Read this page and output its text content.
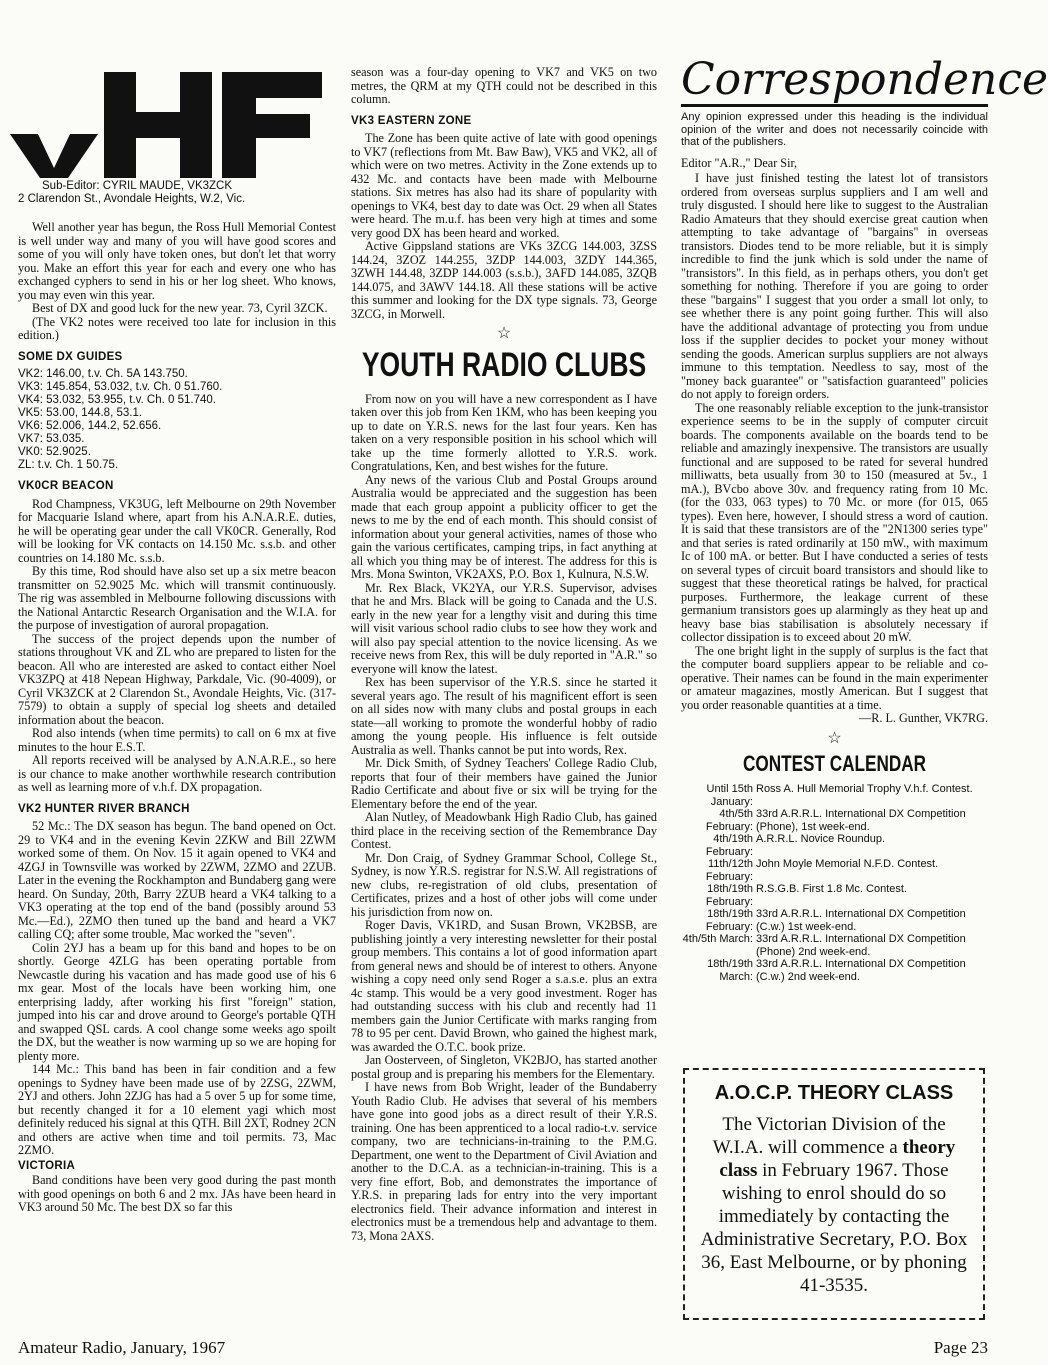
Sub-Editor: CYRIL MAUDE, VK3ZCK
2 Clarendon St., Avondale Heights, W.2, Vic.

Well another year has begun, the Ross Hull Memorial Contest is well under way and many of you will have good scores and some of you will only have token ones, but don't let that worry you. Make an effort this year for each and every one who has exchanged cyphers to send in his or her log sheet. Who knows, you may even win this year.

Best of DX and good luck for the new year. 73, Cyril 3ZCK.

(The VK2 notes were received too late for inclusion in this edition.)

SOME DX GUIDES
VK2: 146.00, t.v. Ch. 5A 143.750.
VK3: 145.854, 53.032, t.v. Ch. 0 51.760.
VK4: 53.032, 53.955, t.v. Ch. 0 51.740.
VK5: 53.00, 144.8, 53.1.
VK6: 52.006, 144.2, 52.656.
VK7: 53.035.
VK0: 52.9025.
ZL: t.v. Ch. 1 50.75.
VK0CR BEACON

Rod Champness, VK3UG, left Melbourne on 29th November for Macquarie Island where, apart from his A.N.A.R.E. duties, he will be operating gear under the call VK0CR. Generally, Rod will be looking for VK contacts on 14.150 Mc. s.s.b. and other countries on 14.180 Mc. s.s.b.

By this time, Rod should have also set up a six metre beacon transmitter on 52.9025 Mc. which will transmit continuously. The rig was assembled in Melbourne following discussions with the National Antarctic Research Organisation and the W.I.A. for the purpose of investigation of auroral propagation.

The success of the project depends upon the number of stations throughout VK and ZL who are prepared to listen for the beacon. All who are interested are asked to contact either Noel VK3ZPQ at 418 Nepean Highway, Parkdale, Vic. (90-4009), or Cyril VK3ZCK at 2 Clarendon St., Avondale Heights, Vic. (317-7579) to obtain a supply of special log sheets and detailed information about the beacon.

Rod also intends (when time permits) to call on 6 mx at five minutes to the hour E.S.T.

All reports received will be analysed by A.N.A.R.E., so here is our chance to make another worthwhile research contribution as well as learning more of v.h.f. DX propagation.

VK2 HUNTER RIVER BRANCH

52 Mc.: The DX season has begun. The band opened on Oct. 29 to VK4 and in the evening Kevin 2ZKW and Bill 2ZWM worked some of them. On Nov. 15 it again opened to VK4 and 4ZGJ in Townsville was worked by 2ZWM, 2ZMO and 2ZUB. Later in the evening the Rockhampton and Bundaberg gang were heard. On Sunday, 20th, Barry 2ZUB heard a VK4 talking to a VK3 operating at the top end of the band (possibly around 53 Mc.—Ed.), 2ZMO then tuned up the band and heard a VK7 calling CQ; after some trouble, Mac worked the "seven".

Colin 2YJ has a beam up for this band and hopes to be on shortly. George 4ZLG has been operating portable from Newcastle during his vacation and has made good use of his 6 mx gear. Most of the locals have been working him, one enterprising laddy, after working his first "foreign" station, jumped into his car and drove around to George's portable QTH and swapped QSL cards. A cool change some weeks ago spoilt the DX, but the weather is now warming up so we are hoping for plenty more.

144 Mc.: This band has been in fair condition and a few openings to Sydney have been made use of by 2ZSG, 2ZWM, 2YJ and others. John 2ZJG has had a 5 over 5 up for some time, but recently changed it for a 10 element yagi which most definitely reduced his signal at this QTH. Bill 2XT, Rodney 2CN and others are active when time and toil permits. 73, Mac 2ZMO.

VICTORIA

Band conditions have been very good during the past month with good openings on both 6 and 2 mx. JAs have been heard in VK3 around 50 Mc. The best DX so far this

season was a four-day opening to VK7 and VK5 on two metres, the QRM at my QTH could not be described in this column.

VK3 EASTERN ZONE

The Zone has been quite active of late with good openings to VK7 (reflections from Mt. Baw Baw), VK5 and VK2, all of which were on two metres. Activity in the Zone extends up to 432 Mc. and contacts have been made with Melbourne stations. Six metres has also had its share of popularity with openings to VK4, best day to date was Oct. 29 when all States were heard. The m.u.f. has been very high at times and some very good DX has been heard and worked.

Active Gippsland stations are VKs 3ZCG 144.003, 3ZSS 144.24, 3ZOZ 144.255, 3ZDP 144.003, 3ZDY 144.365, 3ZWH 144.48, 3ZDP 144.003 (s.s.b.), 3AFD 144.085, 3ZQB 144.075, and 3AWV 144.18. All these stations will be active this summer and looking for the DX type signals. 73, George 3ZCG, in Morwell.

☆
YOUTH RADIO CLUBS

From now on you will have a new correspondent as I have taken over this job from Ken 1KM, who has been keeping you up to date on Y.R.S. news for the last four years. Ken has taken on a very responsible position in his school which will take up the time formerly allotted to Y.R.S. work. Congratulations, Ken, and best wishes for the future.

Any news of the various Club and Postal Groups around Australia would be appreciated and the suggestion has been made that each group appoint a publicity officer to get the news to me by the end of each month. This should consist of information about your general activities, names of those who gain the various certificates, camping trips, in fact anything at all which you thing may be of interest. The address for this is Mrs. Mona Swinton, VK2AXS, P.O. Box 1, Kulnura, N.S.W.

Mr. Rex Black, VK2YA, our Y.R.S. Supervisor, advises that he and Mrs. Black will be going to Canada and the U.S. early in the new year for a lengthy visit and during this time will visit various school radio clubs to see how they work and will also pay special attention to the novice licensing. As we receive news from Rex, this will be duly reported in "A.R." so everyone will know the latest.

Rex has been supervisor of the Y.R.S. since he started it several years ago. The result of his magnificent effort is seen on all sides now with many clubs and postal groups in each state—all working to promote the wonderful hobby of radio among the young people. His influence is felt outside Australia as well. Thanks cannot be put into words, Rex.

Mr. Dick Smith, of Sydney Teachers' College Radio Club, reports that four of their members have gained the Junior Radio Certificate and about five or six will be trying for the Elementary before the end of the year.

Alan Nutley, of Meadowbank High Radio Club, has gained third place in the receiving section of the Remembrance Day Contest.

Mr. Don Craig, of Sydney Grammar School, College St., Sydney, is now Y.R.S. registrar for N.S.W. All registrations of new clubs, re-registration of old clubs, presentation of Certificates, prizes and a host of other jobs will come under his jurisdiction from now on.

Roger Davis, VK1RD, and Susan Brown, VK2BSB, are publishing jointly a very interesting newsletter for their postal group members. This contains a lot of good information apart from general news and should be of interest to others. Anyone wishing a copy need only send Roger a s.a.s.e. plus an extra 4c stamp. This would be a very good investment. Roger has had outstanding success with his club and recently had 11 members gain the Junior Certificate with marks ranging from 78 to 95 per cent. David Brown, who gained the highest mark, was awarded the O.T.C. book prize.

Jan Oosterveen, of Singleton, VK2BJO, has started another postal group and is preparing his members for the Elementary.

I have news from Bob Wright, leader of the Bundaberry Youth Radio Club. He advises that several of his members have gone into good jobs as a direct result of their Y.R.S. training. One has been apprenticed to a local radio-t.v. service company, two are technicians-in-training to the P.M.G. Department, one went to the Department of Civil Aviation and another to the D.C.A. as a technician-in-training. This is a very fine effort, Bob, and demonstrates the importance of Y.R.S. in preparing lads for entry into the very important electronics field. Their advance information and interest in electronics must be a tremendous help and advantage to them. 73, Mona 2AXS.

Correspondence
Any opinion expressed under this heading is the individual opinion of the writer and does not necessarily coincide with that of the publishers.

Editor "A.R.," Dear Sir,

I have just finished testing the latest lot of transistors ordered from overseas surplus suppliers and I am well and truly disgusted. I should here like to suggest to the Australian Radio Amateurs that they should exercise great caution when attempting to take advantage of "bargains" in overseas transistors. Diodes tend to be more reliable, but it is simply incredible to find the junk which is sold under the name of "transistors". In this field, as in perhaps others, you don't get something for nothing. Therefore if you are going to order these "bargains" I suggest that you order a small lot only, to see whether there is any point going further. This will also have the additional advantage of protecting you from undue loss if the supplier decides to pocket your money without sending the goods. American surplus suppliers are not always immune to this temptation. Needless to say, most of the "money back guarantee" or "satisfaction guaranteed" policies do not apply to foreign orders.

The one reasonably reliable exception to the junk-transistor experience seems to be in the supply of computer circuit boards. The components available on the boards tend to be reliable and amazingly inexpensive. The transistors are usually functional and are supposed to be rated for several hundred milliwatts, beta usually from 30 to 150 (measured at 5v., 1 mA.), BVcbo above 30v. and frequency rating from 10 Mc. (for the 033, 063 types) to 70 Mc. or more (for 015, 065 types). Even here, however, I should stress a word of caution. It is said that these transistors are of the "2N1300 series type" and that series is rated ordinarily at 150 mW., with maximum Ic of 100 mA. or better. But I have conducted a series of tests on several types of circuit board transistors and should like to suggest that these theoretical ratings be halved, for practical purposes. Furthermore, the leakage current of these germanium transistors goes up alarmingly as they heat up and heavy base bias stabilisation is absolutely necessary if collector dissipation is to exceed about 20 mW.

The one bright light in the supply of surplus is the fact that the computer board suppliers appear to be reliable and co-operative. Their names can be found in the main experimenter or amateur magazines, mostly American. But I suggest that you order reasonable quantities at a time.

—R. L. Gunther, VK7RG.
☆
CONTEST CALENDAR
Until 15th January:
Ross A. Hull Memorial Trophy V.h.f. Contest.
4th/5th February:
33rd A.R.R.L. International DX Competition (Phone), 1st week-end.
4th/19th February:
A.R.R.L. Novice Roundup.
11th/12th February:
John Moyle Memorial N.F.D. Contest.
18th/19th February:
R.S.G.B. First 1.8 Mc. Contest.
18th/19th February:
33rd A.R.R.L. International DX Competition (C.w.) 1st week-end.
4th/5th March: 33rd A.R.R.L. International DX Competition (Phone) 2nd week-end.
18th/19th March:
33rd A.R.R.L. International DX Competition (C.w.) 2nd week-end.
A.O.C.P. THEORY CLASS
The Victorian Division of the W.I.A. will commence a theory class in February 1967. Those wishing to enrol should do so immediately by contacting the Administrative Secretary, P.O. Box 36, East Melbourne, or by phoning 41-3535.
Amateur Radio, January, 1967	Page 23
